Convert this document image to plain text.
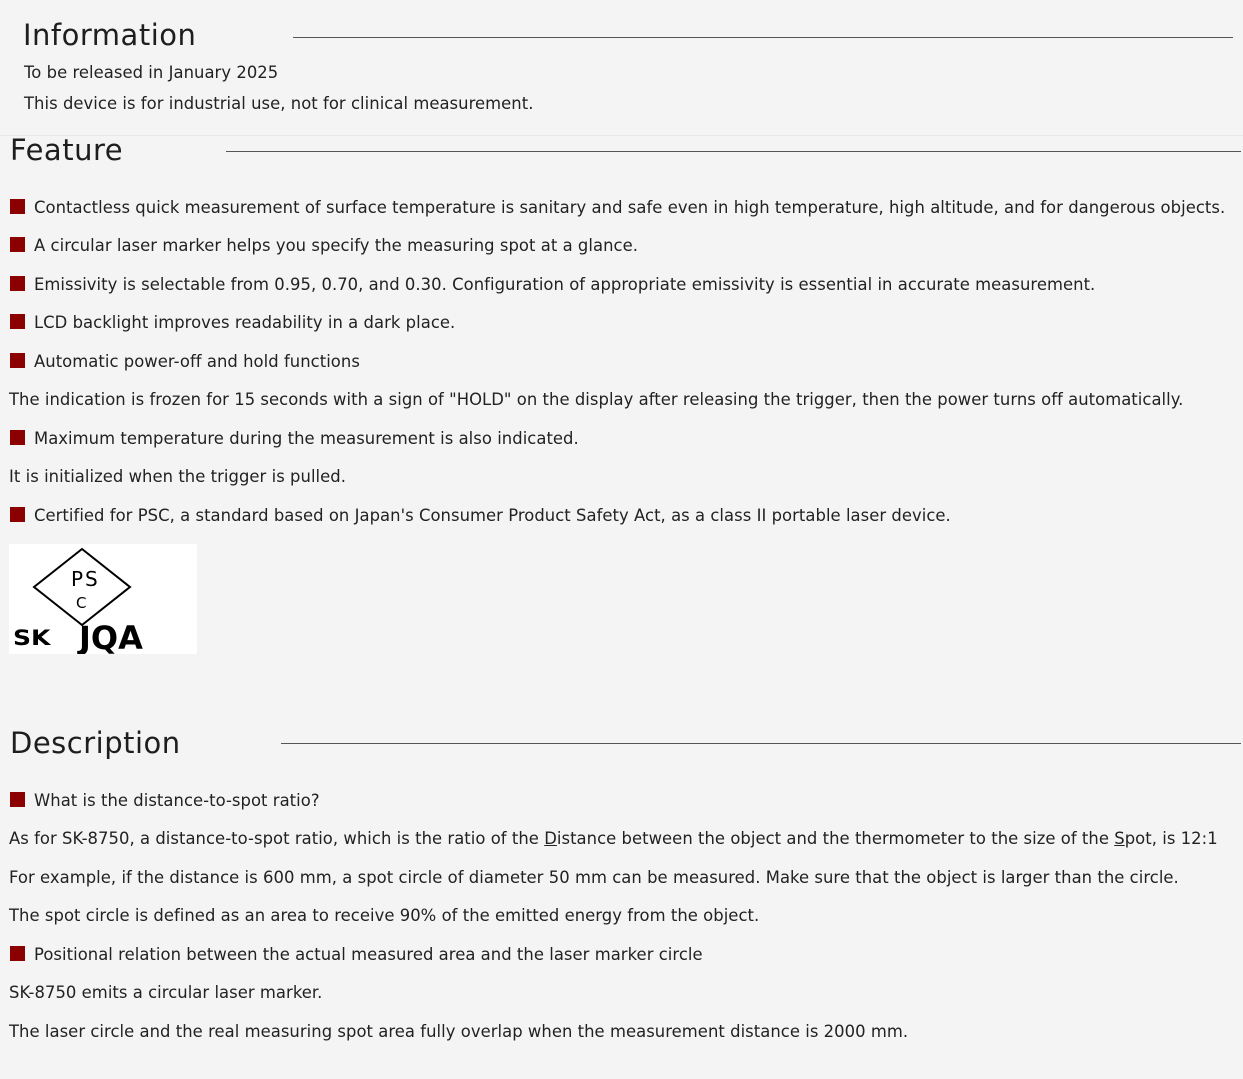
Information
To be released in January 2025
This device is for industrial use, not for clinical measurement.
Feature
Contactless quick measurement of surface temperature is sanitary and safe even in high temperature, high altitude, and for dangerous objects.
A circular laser marker helps you specify the measuring spot at a glance.
Emissivity is selectable from 0.95, 0.70, and 0.30. Configuration of appropriate emissivity is essential in accurate measurement.
LCD backlight improves readability in a dark place.
Automatic power-off and hold functions
The indication is frozen for 15 seconds with a sign of "HOLD" on the display after releasing the trigger, then the power turns off automatically.
Maximum temperature during the measurement is also indicated.
It is initialized when the trigger is pulled.
Certified for PSC, a standard based on Japan's Consumer Product Safety Act, as a class II portable laser device.
P S
C
SK JQA
Description
What is the distance-to-spot ratio?
As for SK-8750, a distance-to-spot ratio, which is the ratio of the Distance between the object and the thermometer to the size of the Spot, is 12:1
For example, if the distance is 600 mm, a spot circle of diameter 50 mm can be measured. Make sure that the object is larger than the circle.
The spot circle is defined as an area to receive 90% of the emitted energy from the object.
Positional relation between the actual measured area and the laser marker circle
SK-8750 emits a circular laser marker.
The laser circle and the real measuring spot area fully overlap when the measurement distance is 2000 mm.
